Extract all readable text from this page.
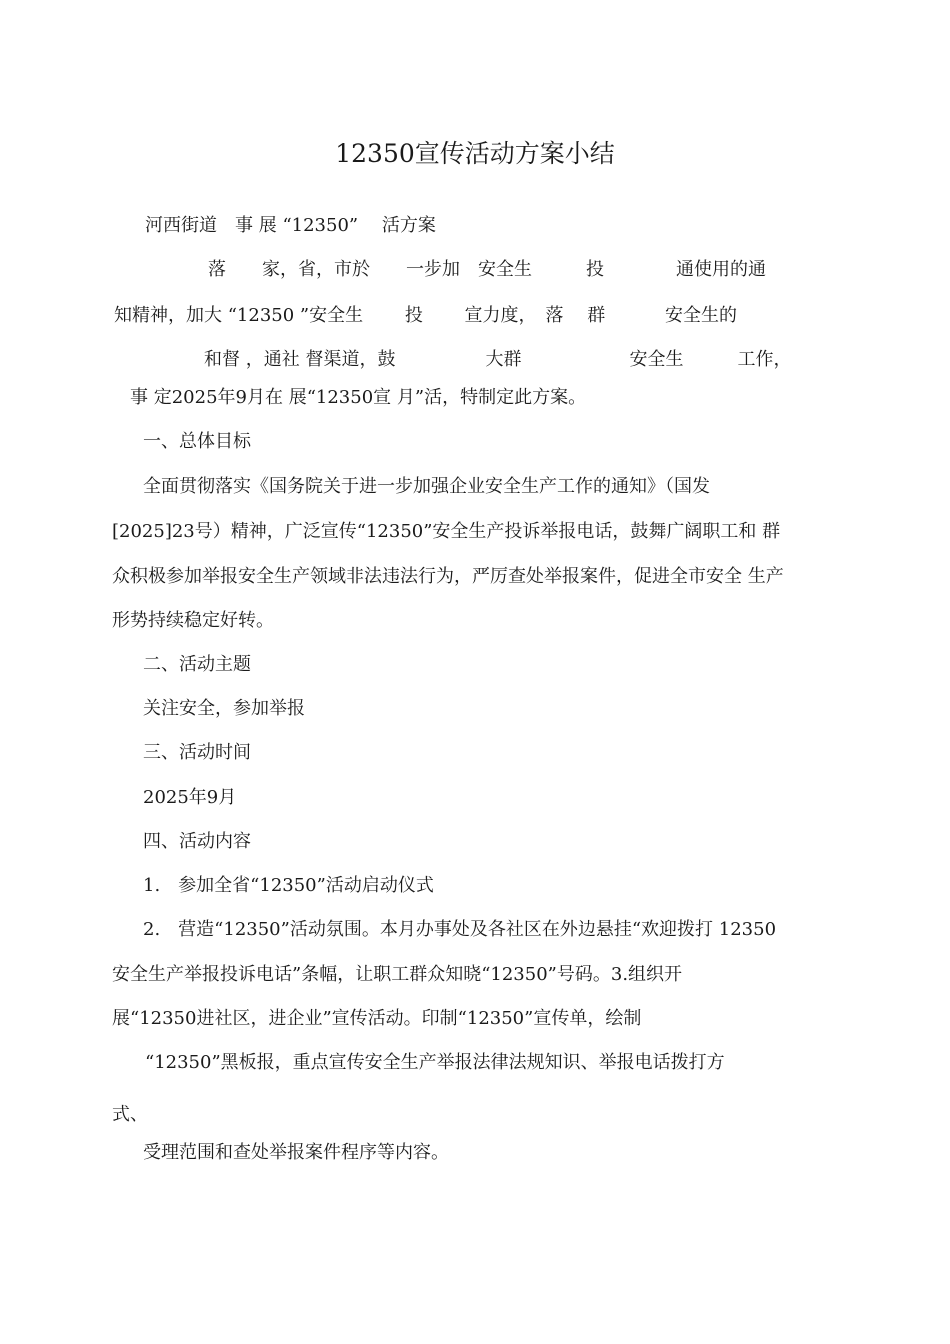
12350宣传活动方案小结
河西街道　事 展 “12350”　 活方案
落　　家，省，市於　　一步加　安全生　　　投　　　　通使用的通
知精神，加大 “12350 ”安全生　　 投　　 宣力度，　落　 群　　　 安全生的
和督 ，通社 督渠道，鼓　　　　　大群　　　　　　安全生　　　工作，
事 定2025年9月在 展“12350宣 月”活，特制定此方案。
一、总体目标
全面贯彻落实《国务院关于进一步加强企业安全生产工作的通知》（国发
[2025]23号）精神，广泛宣传“12350”安全生产投诉举报电话，鼓舞广阔职工和 群
众积极参加举报安全生产领域非法违法行为，严厉查处举报案件，促进全市安全 生产
形势持续稳定好转。
二、活动主题
关注安全，参加举报
三、活动时间
2025年9月
四、活动内容
1.　参加全省“12350”活动启动仪式
2.　营造“12350”活动氛围。本月办事处及各社区在外边悬挂“欢迎拨打 12350
安全生产举报投诉电话”条幅，让职工群众知晓“12350”号码。3.组织开
展“12350进社区，进企业”宣传活动。印制“12350”宣传单，绘制
“12350”黑板报，重点宣传安全生产举报法律法规知识、举报电话拨打方
式、
受理范围和查处举报案件程序等内容。
